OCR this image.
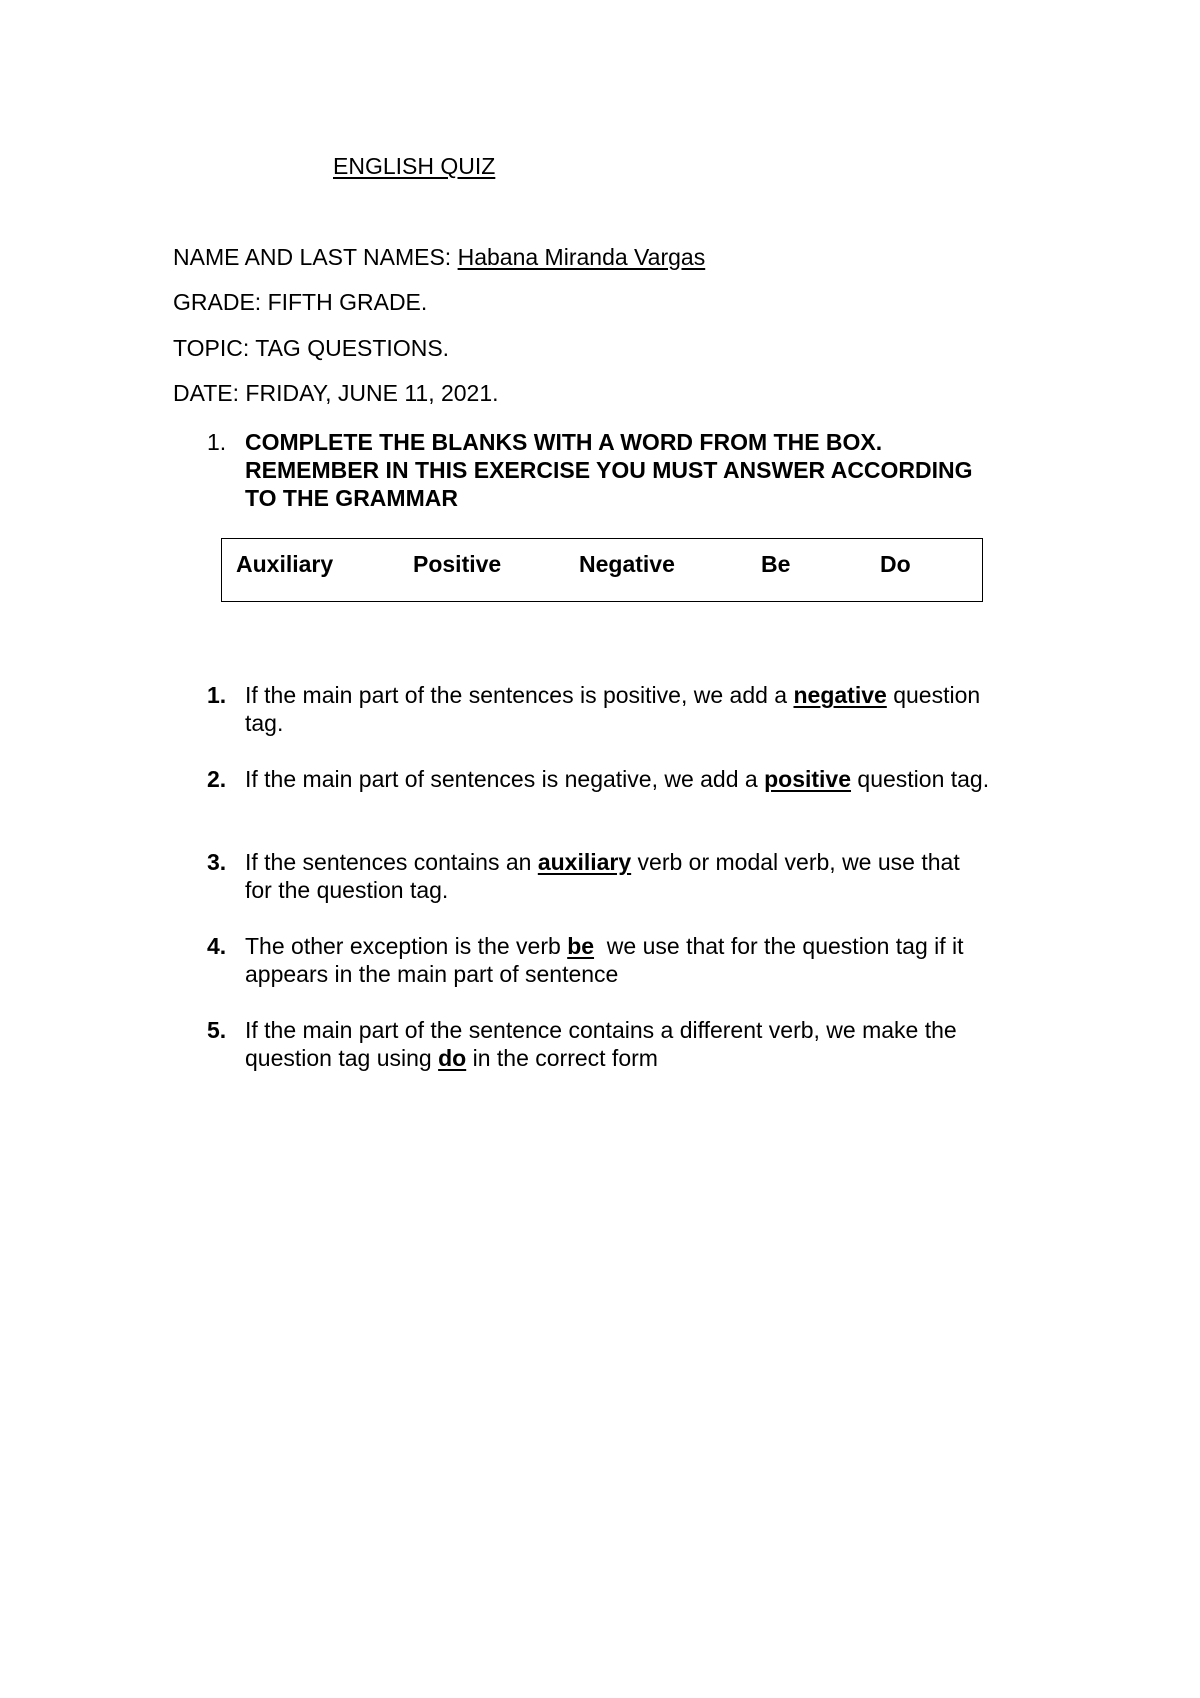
ENGLISH QUIZ
NAME AND LAST NAMES: Habana Miranda Vargas
GRADE: FIFTH GRADE.
TOPIC: TAG QUESTIONS.
DATE: FRIDAY, JUNE 11, 2021.
1. COMPLETE THE BLANKS WITH A WORD FROM THE BOX.
REMEMBER IN THIS EXERCISE YOU MUST ANSWER ACCORDING
TO THE GRAMMAR
Auxiliary	Positive	Negative	Be	Do
1. If the main part of the sentences is positive, we add a negative question
tag.
2. If the main part of sentences is negative, we add a positive question tag.
3. If the sentences contains an auxiliary verb or modal verb, we use that
for the question tag.
4. The other exception is the verb be  we use that for the question tag if it
appears in the main part of sentence
5. If the main part of the sentence contains a different verb, we make the
question tag using do in the correct form
